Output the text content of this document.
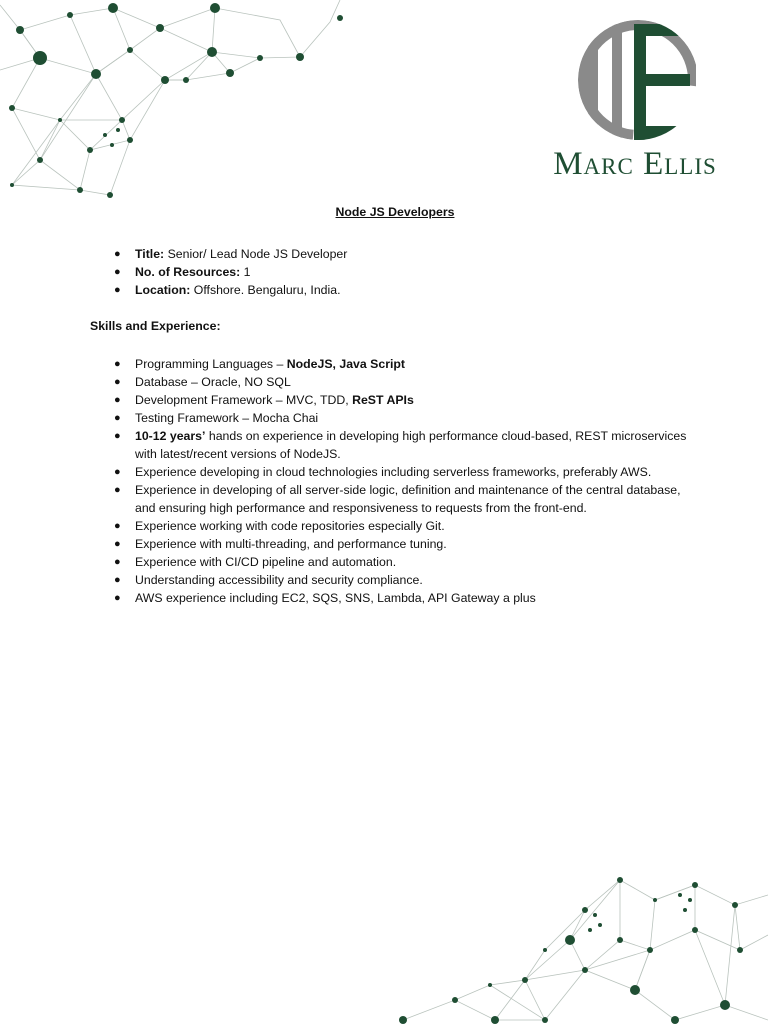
Marc Ellis
Node JS Developers
● Title: Senior/ Lead Node JS Developer
● No. of Resources: 1
● Location: Offshore. Bengaluru, India.
Skills and Experience:
● Programming Languages – NodeJS, Java Script
● Database – Oracle, NO SQL
● Development Framework – MVC, TDD, ReST APIs
● Testing Framework – Mocha Chai
● 10-12 years’ hands on experience in developing high performance cloud-based, REST microservices with latest/recent versions of NodeJS.
● Experience developing in cloud technologies including serverless frameworks, preferably AWS.
● Experience in developing of all server-side logic, definition and maintenance of the central database, and ensuring high performance and responsiveness to requests from the front-end.
● Experience working with code repositories especially Git.
● Experience with multi-threading, and performance tuning.
● Experience with CI/CD pipeline and automation.
● Understanding accessibility and security compliance.
● AWS experience including EC2, SQS, SNS, Lambda, API Gateway a plus
